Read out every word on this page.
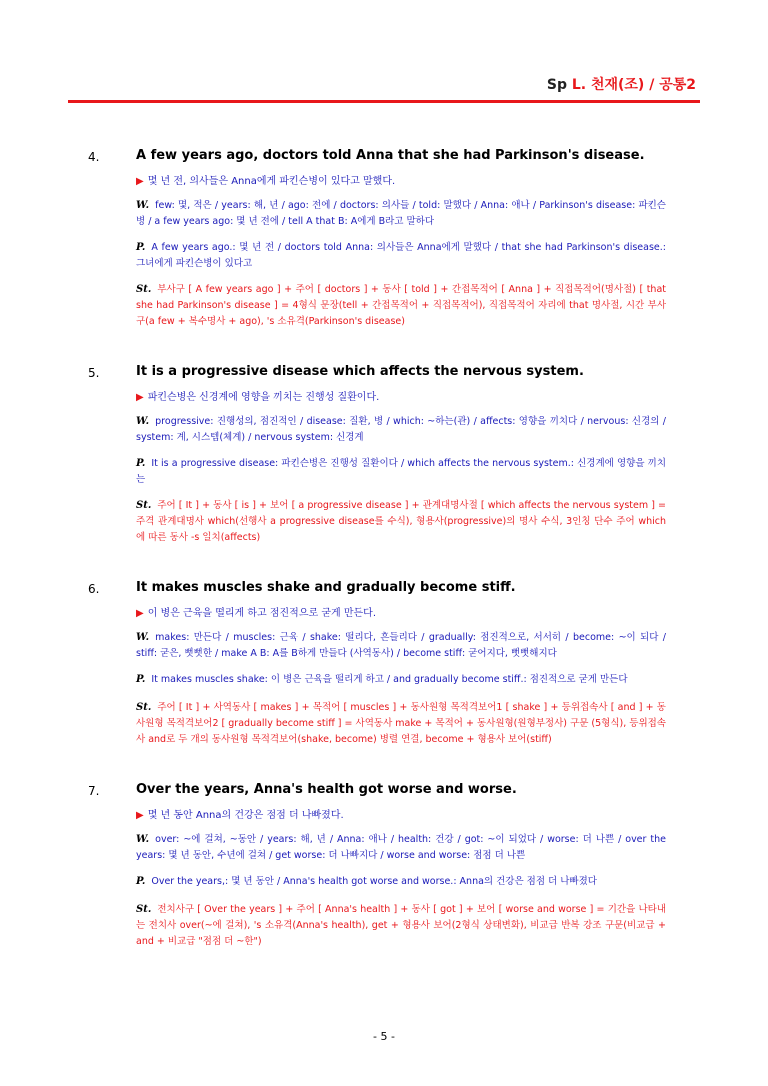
Sp L. 천재(조) / 공통2
4.	A few years ago, doctors told Anna that she had Parkinson's disease.
▶ 몇 년 전, 의사들은 Anna에게 파킨슨병이 있다고 말했다.
W. few: 몇, 적은 / years: 해, 년 / ago: 전에 / doctors: 의사들 / told: 말했다 / Anna: 애나 / Parkinson's disease: 파킨슨병 / a few years ago: 몇 년 전에 / tell A that B: A에게 B라고 말하다
P. A few years ago.: 몇 년 전 / doctors told Anna: 의사들은 Anna에게 말했다 / that she had Parkinson's disease.: 그녀에게 파킨슨병이 있다고
St. 부사구 [ A few years ago ] + 주어 [ doctors ] + 동사 [ told ] + 간접목적어 [ Anna ] + 직접목적어(명사절) [ that she had Parkinson's disease ] = 4형식 문장(tell + 간접목적어 + 직접목적어), 직접목적어 자리에 that 명사절, 시간 부사구(a few + 복수명사 + ago), 's 소유격(Parkinson's disease)
5.	It is a progressive disease which affects the nervous system.
▶ 파킨슨병은 신경계에 영향을 끼치는 진행성 질환이다.
W. progressive: 진행성의, 점진적인 / disease: 질환, 병 / which: ~하는(관) / affects: 영향을 끼치다 / nervous: 신경의 / system: 계, 시스템(체계) / nervous system: 신경계
P. It is a progressive disease: 파킨슨병은 진행성 질환이다 / which affects the nervous system.: 신경계에 영향을 끼치는
St. 주어 [ It ] + 동사 [ is ] + 보어 [ a progressive disease ] + 관계대명사절 [ which affects the nervous system ] = 주격 관계대명사 which(선행사 a progressive disease를 수식), 형용사(progressive)의 명사 수식, 3인칭 단수 주어 which에 따른 동사 -s 일치(affects)
6.	It makes muscles shake and gradually become stiff.
▶ 이 병은 근육을 떨리게 하고 점진적으로 굳게 만든다.
W. makes: 만든다 / muscles: 근육 / shake: 떨리다, 흔들리다 / gradually: 점진적으로, 서서히 / become: ~이 되다 / stiff: 굳은, 뻣뻣한 / make A B: A를 B하게 만들다 (사역동사) / become stiff: 굳어지다, 뻣뻣해지다
P. It makes muscles shake: 이 병은 근육을 떨리게 하고 / and gradually become stiff.: 점진적으로 굳게 만든다
St. 주어 [ It ] + 사역동사 [ makes ] + 목적어 [ muscles ] + 동사원형 목적격보어1 [ shake ] + 등위접속사 [ and ] + 동사원형 목적격보어2 [ gradually become stiff ] = 사역동사 make + 목적어 + 동사원형(원형부정사) 구문 (5형식), 등위접속사 and로 두 개의 동사원형 목적격보어(shake, become) 병렬 연결, become + 형용사 보어(stiff)
7.	Over the years, Anna's health got worse and worse.
▶ 몇 년 동안 Anna의 건강은 점점 더 나빠졌다.
W. over: ~에 걸쳐, ~동안 / years: 해, 년 / Anna: 애나 / health: 건강 / got: ~이 되었다 / worse: 더 나쁜 / over the years: 몇 년 동안, 수년에 걸쳐 / get worse: 더 나빠지다 / worse and worse: 점점 더 나쁜
P. Over the years,: 몇 년 동안 / Anna's health got worse and worse.: Anna의 건강은 점점 더 나빠졌다
St. 전치사구 [ Over the years ] + 주어 [ Anna's health ] + 동사 [ got ] + 보어 [ worse and worse ] = 기간을 나타내는 전치사 over(~에 걸쳐), 's 소유격(Anna's health), get + 형용사 보어(2형식 상태변화), 비교급 반복 강조 구문(비교급 + and + 비교급 "점점 더 ~한")
- 5 -
